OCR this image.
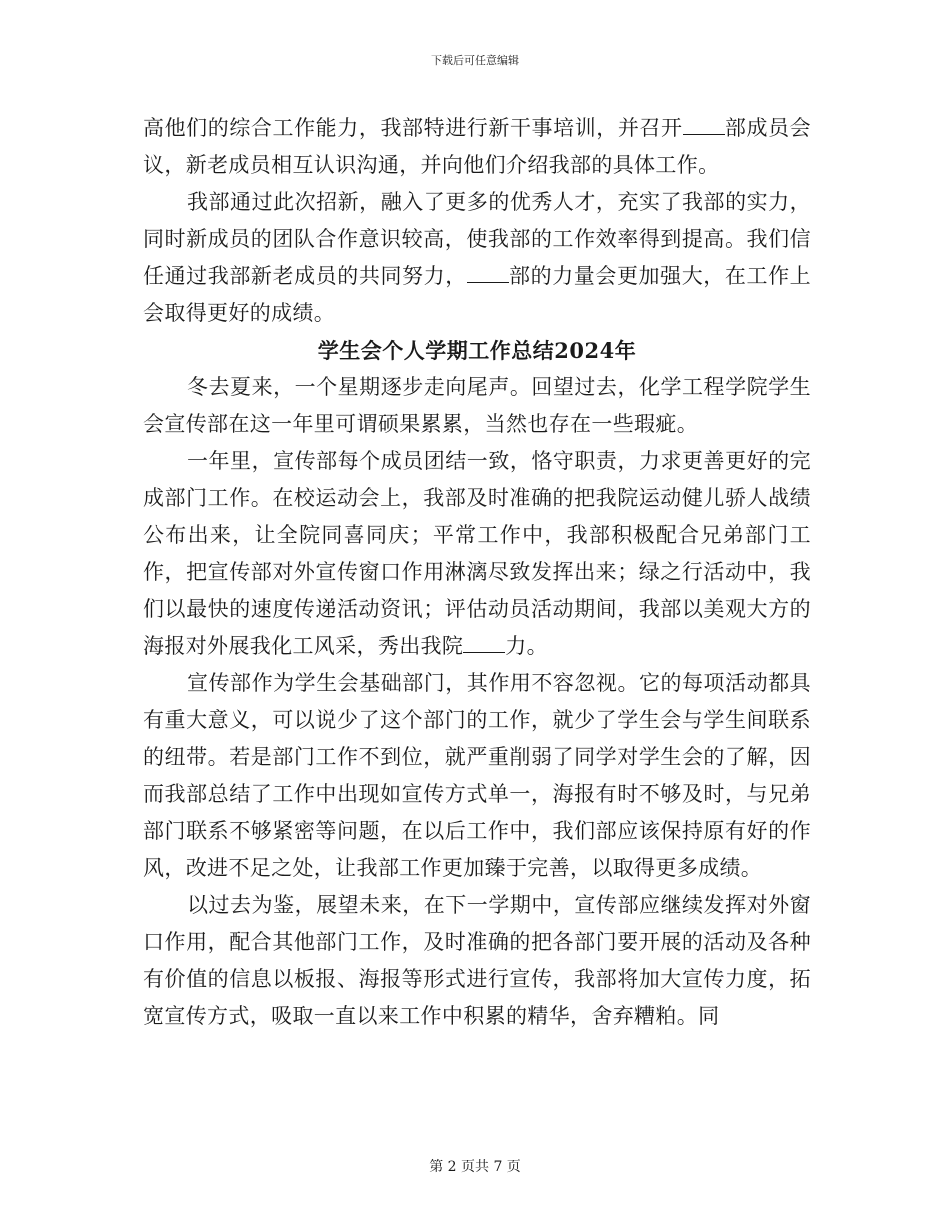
下载后可任意编辑

高他们的综合工作能力，我部特进行新干事培训，并召开 部成员会议，新老成员相互认识沟通，并向他们介绍我部的具体工作。

我部通过此次招新，融入了更多的优秀人才，充实了我部的实力，同时新成员的团队合作意识较高，使我部的工作效率得到提高。我们信任通过我部新老成员的共同努力， 部的力量会更加强大，在工作上会取得更好的成绩。

学生会个人学期工作总结2024年

冬去夏来，一个星期逐步走向尾声。回望过去，化学工程学院学生会宣传部在这一年里可谓硕果累累，当然也存在一些瑕疵。

一年里，宣传部每个成员团结一致，恪守职责，力求更善更好的完成部门工作。在校运动会上，我部及时准确的把我院运动健儿骄人战绩公布出来，让全院同喜同庆；平常工作中，我部积极配合兄弟部门工作，把宣传部对外宣传窗口作用淋漓尽致发挥出来；绿之行活动中，我们以最快的速度传递活动资讯；评估动员活动期间，我部以美观大方的海报对外展我化工风采，秀出我院 力。

宣传部作为学生会基础部门，其作用不容忽视。它的每项活动都具有重大意义，可以说少了这个部门的工作，就少了学生会与学生间联系的纽带。若是部门工作不到位，就严重削弱了同学对学生会的了解，因而我部总结了工作中出现如宣传方式单一，海报有时不够及时，与兄弟部门联系不够紧密等问题，在以后工作中，我们部应该保持原有好的作风，改进不足之处，让我部工作更加臻于完善，以取得更多成绩。

以过去为鉴，展望未来，在下一学期中，宣传部应继续发挥对外窗口作用，配合其他部门工作，及时准确的把各部门要开展的活动及各种有价值的信息以板报、海报等形式进行宣传，我部将加大宣传力度，拓宽宣传方式，吸取一直以来工作中积累的精华，舍弃糟粕。同

第 2 页共 7 页
